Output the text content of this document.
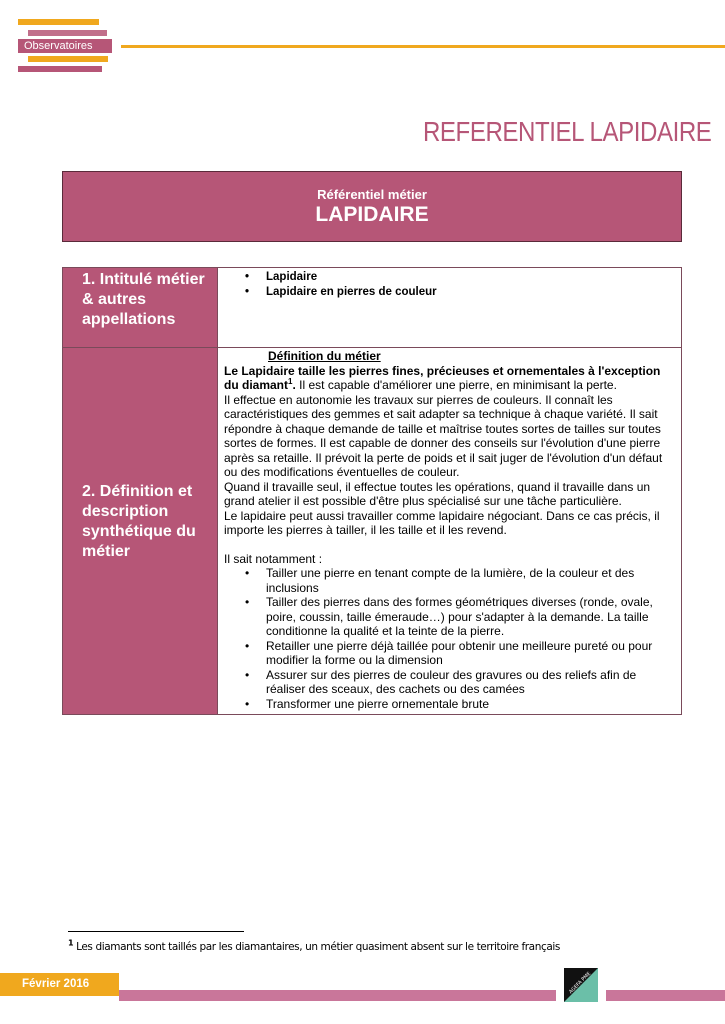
Observatoires
REFERENTIEL LAPIDAIRE
Référentiel métier
LAPIDAIRE
1. Intitulé métier & autres appellations
• Lapidaire
• Lapidaire en pierres de couleur
2. Définition et description synthétique du métier
Définition du métier

Le Lapidaire taille les pierres fines, précieuses et ornementales à l'exception du diamant$^1$. Il est capable d'améliorer une pierre, en minimisant la perte.

Il effectue en autonomie les travaux sur pierres de couleurs. Il connaît les caractéristiques des gemmes et sait adapter sa technique à chaque variété. Il sait répondre à chaque demande de taille et maîtrise toutes sortes de tailles sur toutes sortes de formes. Il est capable de donner des conseils sur l'évolution d'une pierre après sa retaille. Il prévoit la perte de poids et il sait juger de l'évolution d'un défaut ou des modifications éventuelles de couleur.

Quand il travaille seul, il effectue toutes les opérations, quand il travaille dans un grand atelier il est possible d'être plus spécialisé sur une tâche particulière.

Le lapidaire peut aussi travailler comme lapidaire négociant. Dans ce cas précis, il importe les pierres à tailler, il les taille et il les revend.

Il sait notamment :

• Tailler une pierre en tenant compte de la lumière, de la couleur et des inclusions
• Tailler des pierres dans des formes géométriques diverses (ronde, ovale, poire, coussin, taille émeraude…) pour s'adapter à la demande. La taille conditionne la qualité et la teinte de la pierre.
• Retailler une pierre déjà taillée pour obtenir une meilleure pureté ou pour modifier la forme ou la dimension
• Assurer sur des pierres de couleur des gravures ou des reliefs afin de réaliser des sceaux, des cachets ou des camées
• Transformer une pierre ornementale brute
$^1$ Les diamants sont taillés par les diamantaires, un métier quasiment absent sur le territoire français
Février 2016	AGEFA PME
